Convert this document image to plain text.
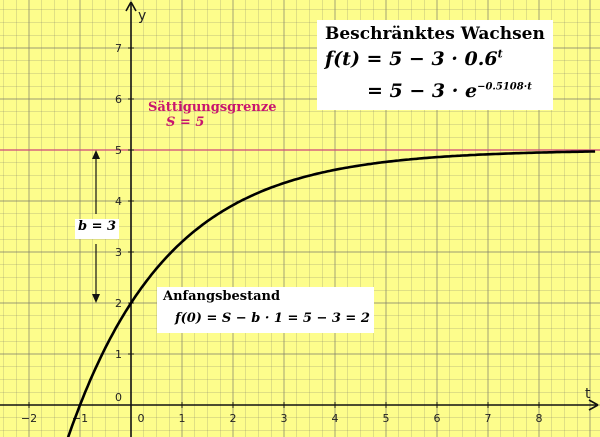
−2	−1	0	1	2	3	4	5	6	7	8
0
1
2
3
4
5
6
7
t
y
Beschränktes Wachsen
$f(t) = 5 - 3 \cdot 0.6^t$
= $5 - 3 \cdot e^{-0.5108\cdot t}$
Sättigungsgrenze
S = 5
b = 3
Anfangsbestand
f(0) = S − b · 1 = 5 − 3 = 2
